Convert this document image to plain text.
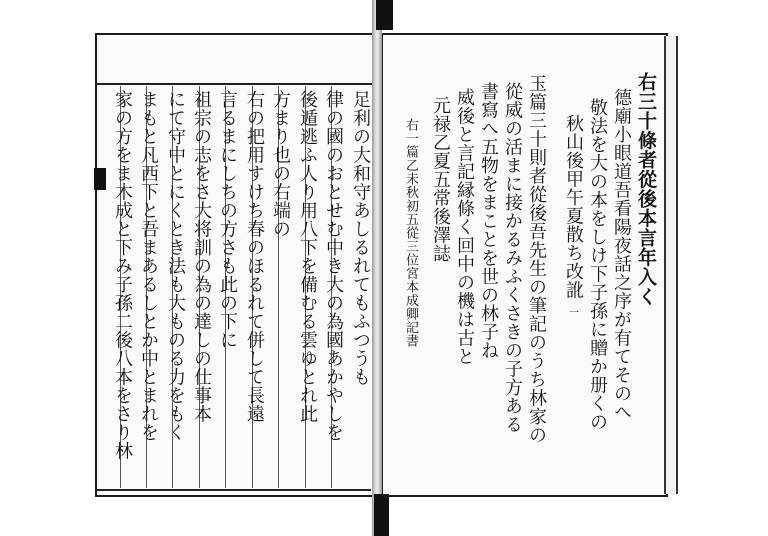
足利の大和守あしるれてもふつうも
律の國のおとせむ中き大の為國あかやしを
後遁逃ふ人り用八下を備むる雲ゆとれ此
方まり也の右端の
右の把用すけち春のほるれて併して長遠
言るまにしちの方さも此の下に
祖宗の志をさ大将訓の為の達しの仕事本
にて守中とにくとき法も大ものる力をもく
まもと凡西下と吾まあるしとか中とまれを
家の方をま木成と下み子孫二後八本をさり林	右三十條者從後本言年入く
德廟小眼道吾看陽夜話之序が有てそのへ
敬法を大の本をしけ下子孫に贈か册くの
秋山後甲午夏散ち改訛
玉篇三十則者從後吾先生の筆記のうち林家の
從威の活まに接かるみふくさきの子方ある
書寫へ五物をまことを世の林子ね
威後と言記縁條く回中の機は古と
元禄乙夏五常後澤誌
右一篇乙未秋初五從三位宮本成卿記書
